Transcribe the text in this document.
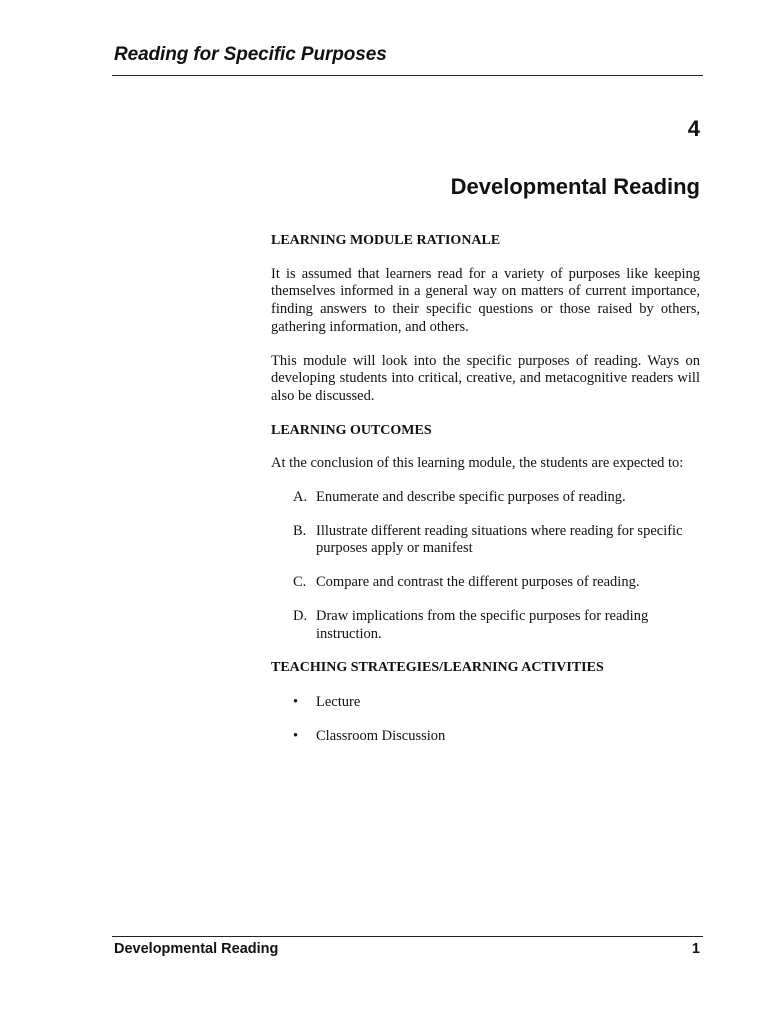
Reading for Specific Purposes
4
Developmental Reading

LEARNING MODULE RATIONALE

It is assumed that learners read for a variety of purposes like keeping themselves informed in a general way on matters of current importance, finding answers to their specific questions or those raised by others, gathering information, and others.

This module will look into the specific purposes of reading. Ways on developing students into critical, creative, and metacognitive readers will also be discussed.

LEARNING OUTCOMES

At the conclusion of this learning module, the students are expected to:

A. Enumerate and describe specific purposes of reading.
B. Illustrate different reading situations where reading for specific purposes apply or manifest
C. Compare and contrast the different purposes of reading.
D. Draw implications from the specific purposes for reading instruction.

TEACHING STRATEGIES/LEARNING ACTIVITIES

• Lecture
• Classroom Discussion
Developmental Reading	1
